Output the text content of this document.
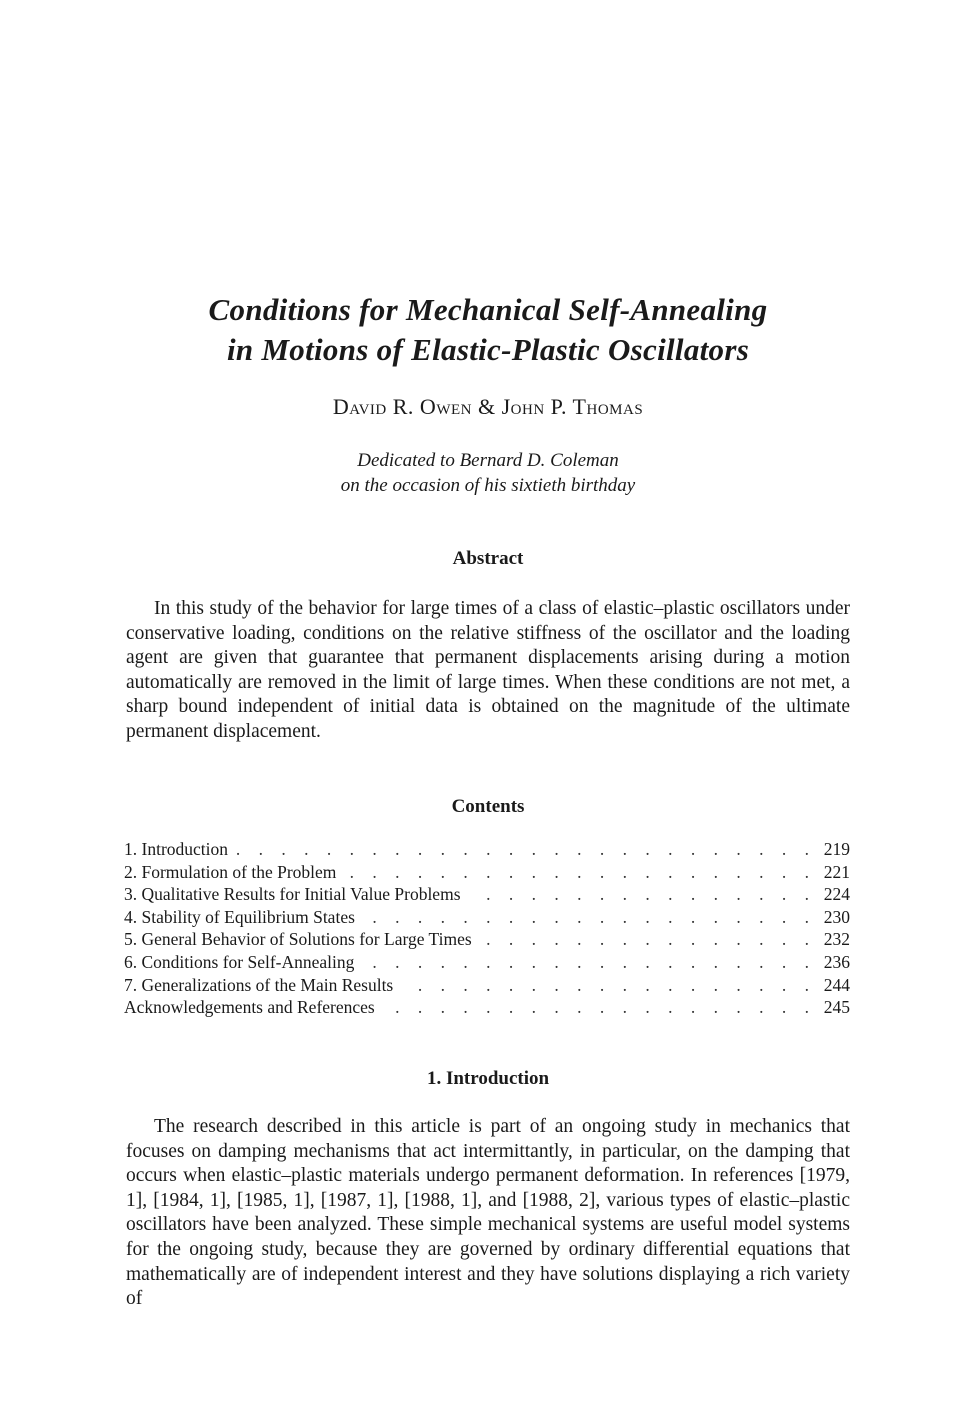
Conditions for Mechanical Self-Annealing
in Motions of Elastic-Plastic Oscillators
David R. Owen & John P. Thomas
Dedicated to Bernard D. Coleman
on the occasion of his sixtieth birthday
Abstract

In this study of the behavior for large times of a class of elastic–plastic oscillators under conservative loading, conditions on the relative stiffness of the oscillator and the loading agent are given that guarantee that permanent displacements arising during a motion automatically are removed in the limit of large times. When these conditions are not met, a sharp bound independent of initial data is obtained on the magnitude of the ultimate permanent displacement.

Contents
1. Introduction . . .	219
2. Formulation of the Problem . . .	221
3. Qualitative Results for Initial Value Problems . . .	224
4. Stability of Equilibrium States . . .	230
5. General Behavior of Solutions for Large Times . . .	232
6. Conditions for Self-Annealing . . .	236
7. Generalizations of the Main Results . . .	244
Acknowledgements and References . . .	245
1. Introduction

The research described in this article is part of an ongoing study in mechanics that focuses on damping mechanisms that act intermittantly, in particular, on the damping that occurs when elastic–plastic materials undergo permanent deformation. In references [1979, 1], [1984, 1], [1985, 1], [1987, 1], [1988, 1], and [1988, 2], various types of elastic–plastic oscillators have been analyzed. These simple mechanical systems are useful model systems for the ongoing study, because they are governed by ordinary differential equations that mathematically are of independent interest and they have solutions displaying a rich variety of
